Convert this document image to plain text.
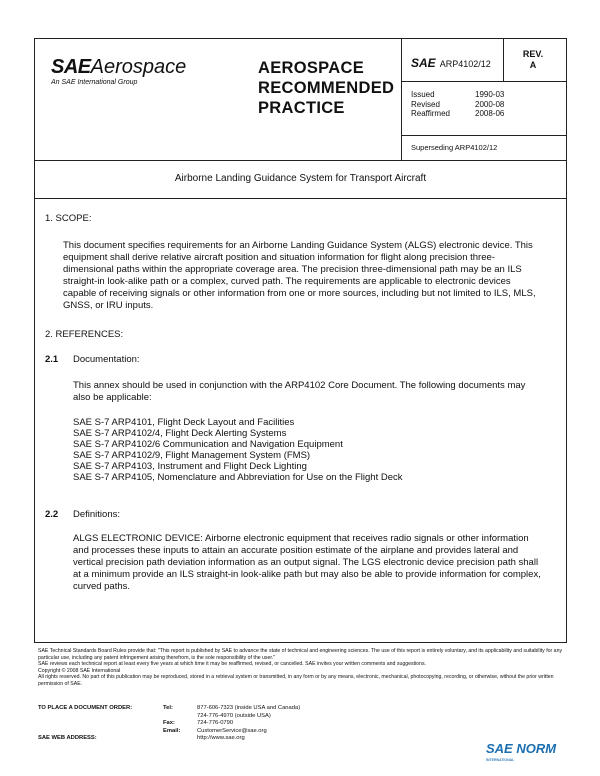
SAEAerospace
An SAE International Group
AEROSPACE
RECOMMENDED
PRACTICE
SAE ARP4102/12
REV.
A
Issued	1990-03
Revised	2000-08
Reaffirmed	2008-06
Superseding ARP4102/12
Airborne Landing Guidance System for Transport Aircraft
1. SCOPE:
This document specifies requirements for an Airborne Landing Guidance System (ALGS) electronic device. This equipment shall derive relative aircraft position and situation information for flight along precision three-dimensional paths within the appropriate coverage area. The precision three-dimensional path may be an ILS straight-in look-alike path or a complex, curved path. The requirements are applicable to electronic devices capable of receiving signals or other information from one or more sources, including but not limited to ILS, MLS, GNSS, or IRU inputs.
2. REFERENCES:
2.1 Documentation:
This annex should be used in conjunction with the ARP4102 Core Document. The following documents may also be applicable:
SAE S-7 ARP4101, Flight Deck Layout and Facilities
SAE S-7 ARP4102/4, Flight Deck Alerting Systems
SAE S-7 ARP4102/6 Communication and Navigation Equipment
SAE S-7 ARP4102/9, Flight Management System (FMS)
SAE S-7 ARP4103, Instrument and Flight Deck Lighting
SAE S-7 ARP4105, Nomenclature and Abbreviation for Use on the Flight Deck
2.2 Definitions:
ALGS ELECTRONIC DEVICE: Airborne electronic equipment that receives radio signals or other information and processes these inputs to attain an accurate position estimate of the airplane and provides lateral and vertical precision path deviation information as an output signal. The LGS electronic device precision path shall at a minimum provide an ILS straight-in look-alike path but may also be able to provide information for complex, curved paths.
SAE Technical Standards Board Rules provide that: "This report is published by SAE to advance the state of technical and engineering sciences. The use of this report is entirely voluntary, and its applicability and suitability for any particular use, including any patent infringement arising therefrom, is the sole responsibility of the user."
SAE reviews each technical report at least every five years at which time it may be reaffirmed, revised, or cancelled. SAE invites your written comments and suggestions.
Copyright © 2008 SAE International
All rights reserved. No part of this publication may be reproduced, stored in a retrieval system or transmitted, in any form or by any means, electronic, mechanical, photocopying, recording, or otherwise, without the prior written permission of SAE.
TO PLACE A DOCUMENT ORDER:	Tel:	877-606-7323 (inside USA and Canada)
724-776-4970 (outside USA)
Fax:	724-776-0790
Email:	CustomerService@sae.org
SAE WEB ADDRESS:	http://www.sae.org
SAE NORM
INTERNATIONAL
